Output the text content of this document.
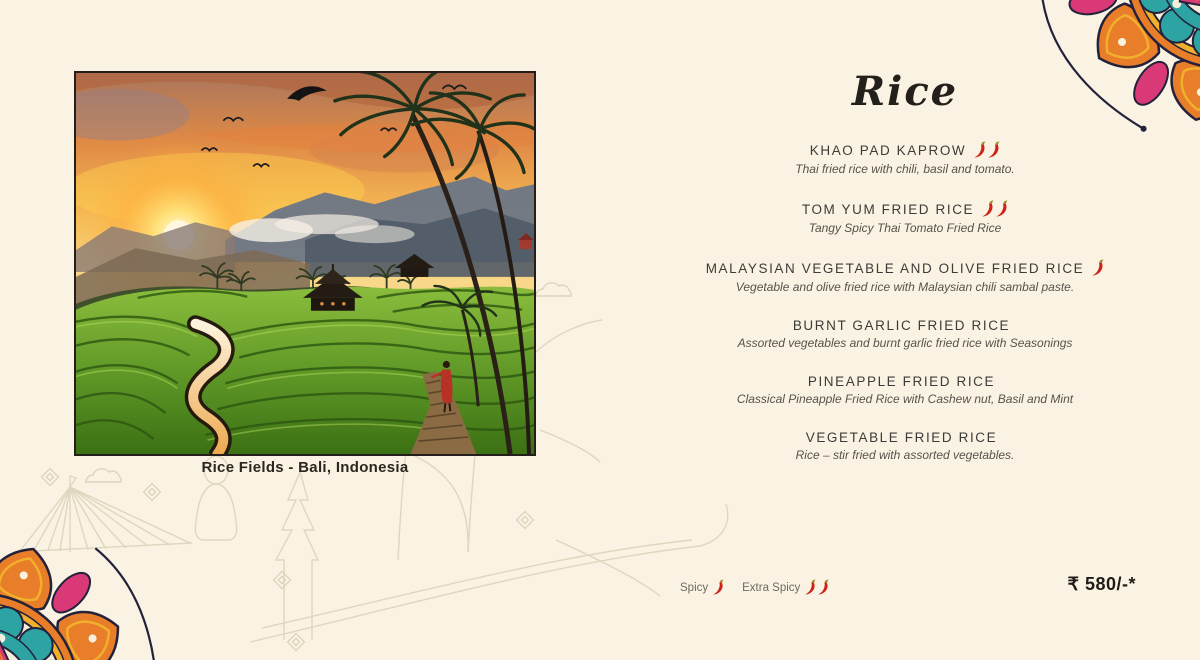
Rice Fields - Bali, Indonesia
Rice
KHAO PAD KAPROW
Thai fried rice with chili, basil and tomato.
TOM YUM FRIED RICE
Tangy Spicy Thai Tomato Fried Rice
MALAYSIAN VEGETABLE AND OLIVE FRIED RICE
Vegetable and olive fried rice with Malaysian chili sambal paste.
BURNT GARLIC FRIED RICE
Assorted vegetables and burnt garlic fried rice with Seasonings
PINEAPPLE FRIED RICE
Classical Pineapple Fried Rice with Cashew nut, Basil and Mint
VEGETABLE FRIED RICE
Rice – stir fried with assorted vegetables.
Spicy	Extra Spicy	₹ 580/-*
